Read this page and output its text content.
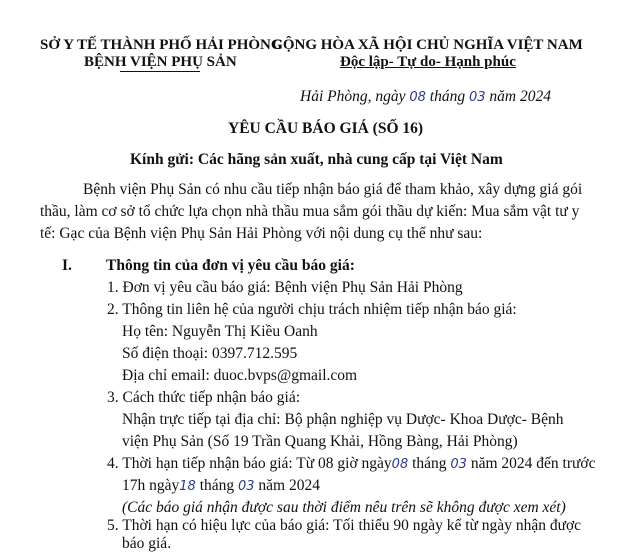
SỞ Y TẾ THÀNH PHỐ HẢI PHÒNG
BỆNH VIỆN PHỤ SẢN
CỘNG HÒA XÃ HỘI CHỦ NGHĨA VIỆT NAM
Độc lập- Tự do- Hạnh phúc
Hải Phòng, ngày 08 tháng 03 năm 2024
YÊU CẦU BÁO GIÁ (SỐ 16)
Kính gửi: Các hãng sản xuất, nhà cung cấp tại Việt Nam
Bệnh viện Phụ Sản có nhu cầu tiếp nhận báo giá để tham khảo, xây dựng giá gói
thầu, làm cơ sở tổ chức lựa chọn nhà thầu mua sắm gói thầu dự kiến: Mua sắm vật tư y
tế: Gạc của Bệnh viện Phụ Sản Hải Phòng với nội dung cụ thể như sau:
I. Thông tin của đơn vị yêu cầu báo giá:
1. Đơn vị yêu cầu báo giá: Bệnh viện Phụ Sản Hải Phòng
2. Thông tin liên hệ của người chịu trách nhiệm tiếp nhận báo giá:
Họ tên: Nguyễn Thị Kiều Oanh
Số điện thoại: 0397.712.595
Địa chỉ email: duoc.bvps@gmail.com
3. Cách thức tiếp nhận báo giá:
Nhận trực tiếp tại địa chỉ: Bộ phận nghiệp vụ Dược- Khoa Dược- Bệnh
viện Phụ Sản (Số 19 Trần Quang Khải, Hồng Bàng, Hải Phòng)
4. Thời hạn tiếp nhận báo giá: Từ 08 giờ ngày08 tháng 03 năm 2024 đến trước
17h ngày18 tháng 03 năm 2024
(Các báo giá nhận được sau thời điểm nêu trên sẽ không được xem xét)
5. Thời hạn có hiệu lực của báo giá: Tối thiểu 90 ngày kể từ ngày nhận được
báo giá.
